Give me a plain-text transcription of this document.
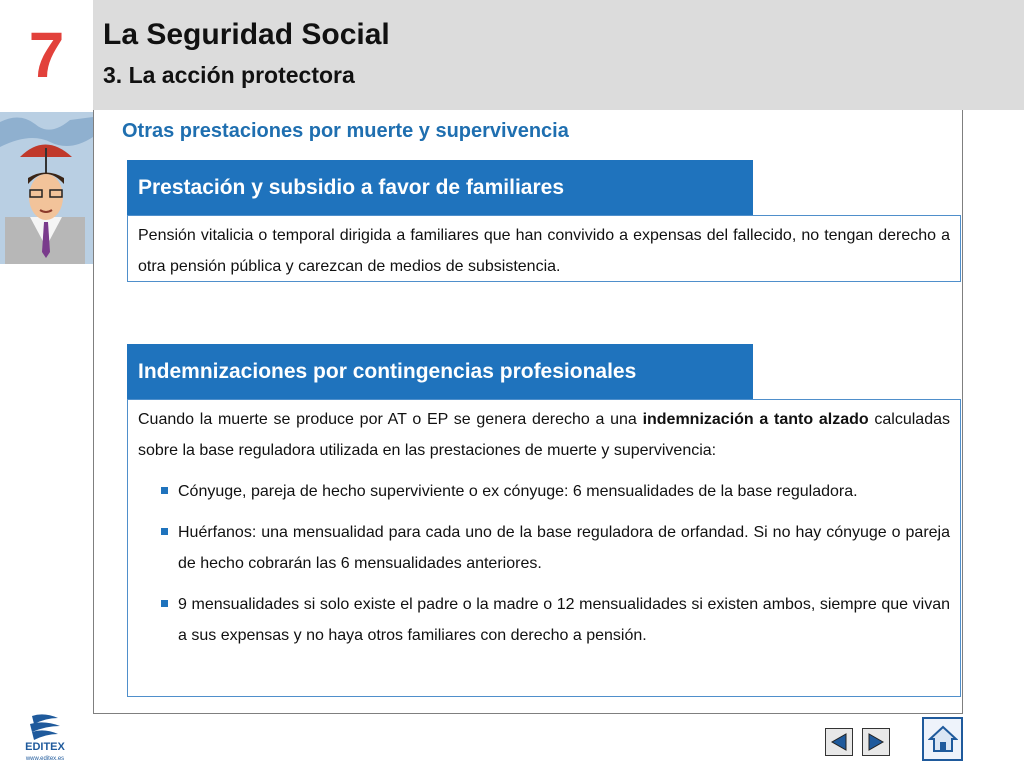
7	La Seguridad Social
3. La acción protectora
Otras prestaciones por muerte y supervivencia
Prestación y subsidio a favor de familiares
Pensión vitalicia o temporal dirigida a familiares que han convivido a expensas del fallecido, no tengan derecho a otra pensión pública y carezcan de medios de subsistencia.
Indemnizaciones por contingencias profesionales
Cuando la muerte se produce por AT o EP se genera derecho a una indemnización a tanto alzado calculadas sobre la base reguladora utilizada en las prestaciones de muerte y supervivencia:
Cónyuge, pareja de hecho superviviente o ex cónyuge: 6 mensualidades de la base reguladora.
Huérfanos: una mensualidad para cada uno de la base reguladora de orfandad. Si no hay cónyuge o pareja de hecho cobrarán las 6 mensualidades anteriores.
9 mensualidades si solo existe el padre o la madre o 12 mensualidades si existen ambos, siempre que vivan a sus expensas y no haya otros familiares con derecho a pensión.
EDITEX
www.editex.es
